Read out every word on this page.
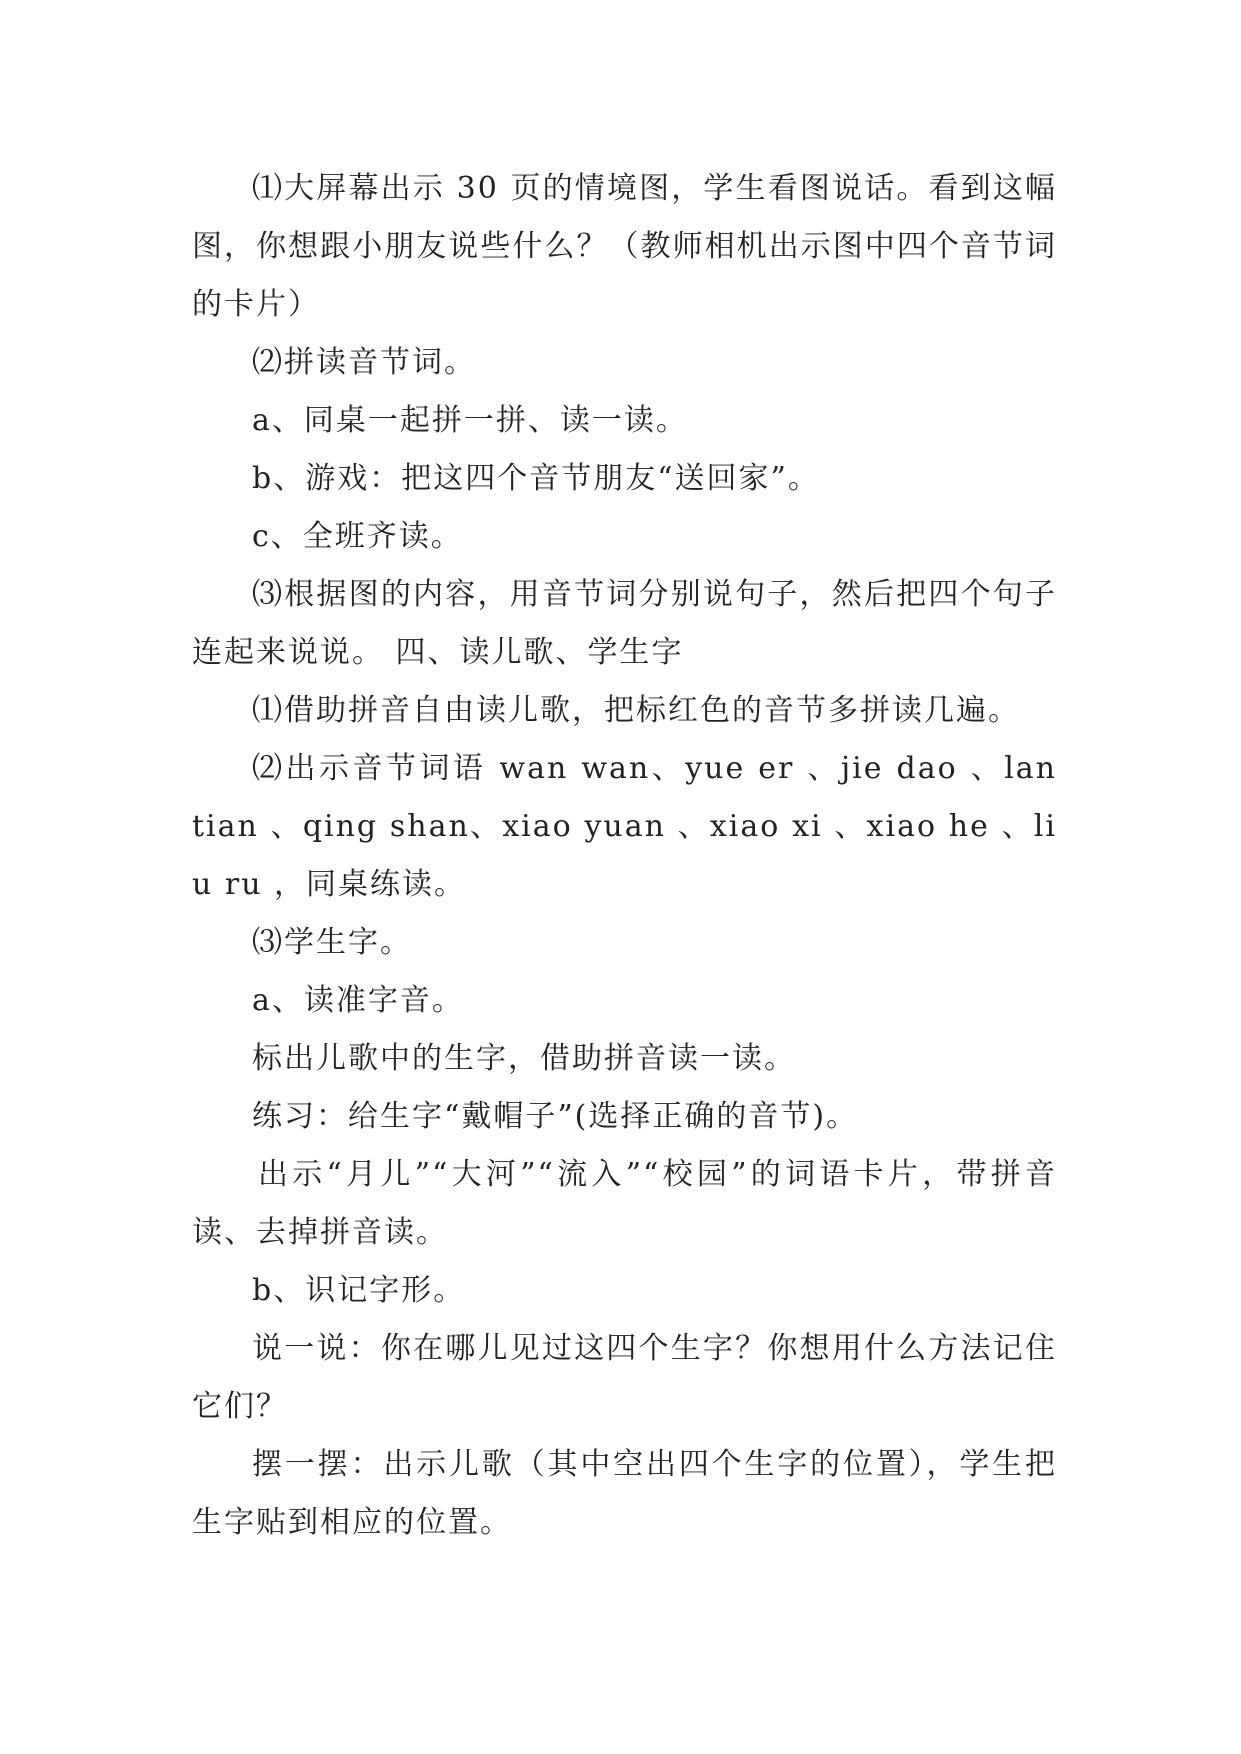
⑴大屏幕出示 30 页的情境图，学生看图说话。看到这幅图，你想跟小朋友说些什么？（教师相机出示图中四个音节词的卡片）

⑵拼读音节词。

a、同桌一起拼一拼、读一读。

b、游戏：把这四个音节朋友“送回家”。

c、全班齐读。

⑶根据图的内容，用音节词分别说句子，然后把四个句子连起来说说。 四、读儿歌、学生字

⑴借助拼音自由读儿歌，把标红色的音节多拼读几遍。

⑵出示音节词语 wan wan、yue er 、jie dao 、lan tian 、qing shan、xiao yuan 、xiao xi 、xiao he 、liu ru ，同桌练读。

⑶学生字。

a、读准字音。

标出儿歌中的生字，借助拼音读一读。

练习：给生字“戴帽子”(选择正确的音节)。

出示“月儿”“大河”“流入”“校园”的词语卡片，带拼音读、去掉拼音读。

b、识记字形。

说一说：你在哪儿见过这四个生字？你想用什么方法记住它们？

摆一摆：出示儿歌（其中空出四个生字的位置），学生把生字贴到相应的位置。
